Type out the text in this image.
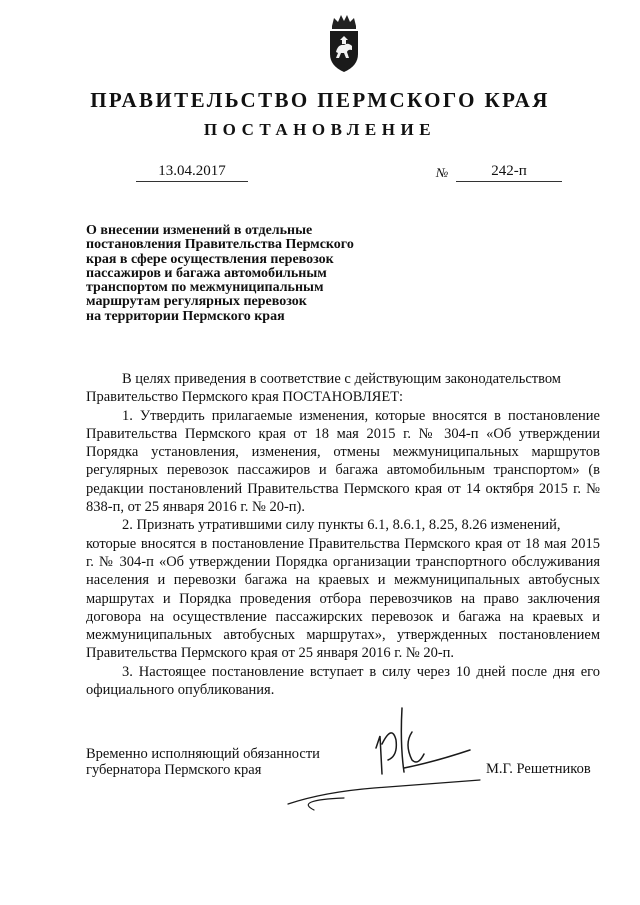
ПРАВИТЕЛЬСТВО ПЕРМСКОГО КРАЯ
ПОСТАНОВЛЕНИЕ
13.04.2017	№	242-п

О внесении изменений в отдельные
постановления Правительства Пермского
края в сфере осуществления перевозок
пассажиров и багажа автомобильным
транспортом по межмуниципальным
маршрутам регулярных перевозок
на территории Пермского края

В целях приведения в соответствие с действующим законодательством

Правительство Пермского края ПОСТАНОВЛЯЕТ:

1. Утвердить прилагаемые изменения, которые вносятся в постановление Правительства Пермского края от 18 мая 2015 г. № 304-п «Об утверждении Порядка установления, изменения, отмены межмуниципальных маршрутов регулярных перевозок пассажиров и багажа автомобильным транспортом» (в редакции постановлений Правительства Пермского края от 14 октября 2015 г. № 838-п, от 25 января 2016 г. № 20-п).

2. Признать утратившими силу пункты 6.1, 8.6.1, 8.25, 8.26 изменений,

которые вносятся в постановление Правительства Пермского края от 18 мая 2015 г. № 304-п «Об утверждении Порядка организации транспортного обслуживания населения и перевозки багажа на краевых и межмуниципальных автобусных маршрутах и Порядка проведения отбора перевозчиков на право заключения договора на осуществление пассажирских перевозок и багажа на краевых и межмуниципальных автобусных маршрутах», утвержденных постановлением Правительства Пермского края от 25 января 2016 г. № 20-п.

3. Настоящее постановление вступает в силу через 10 дней после дня его официального опубликования.

Временно исполняющий обязанности
губернатора Пермского края	М.Г. Решетников
